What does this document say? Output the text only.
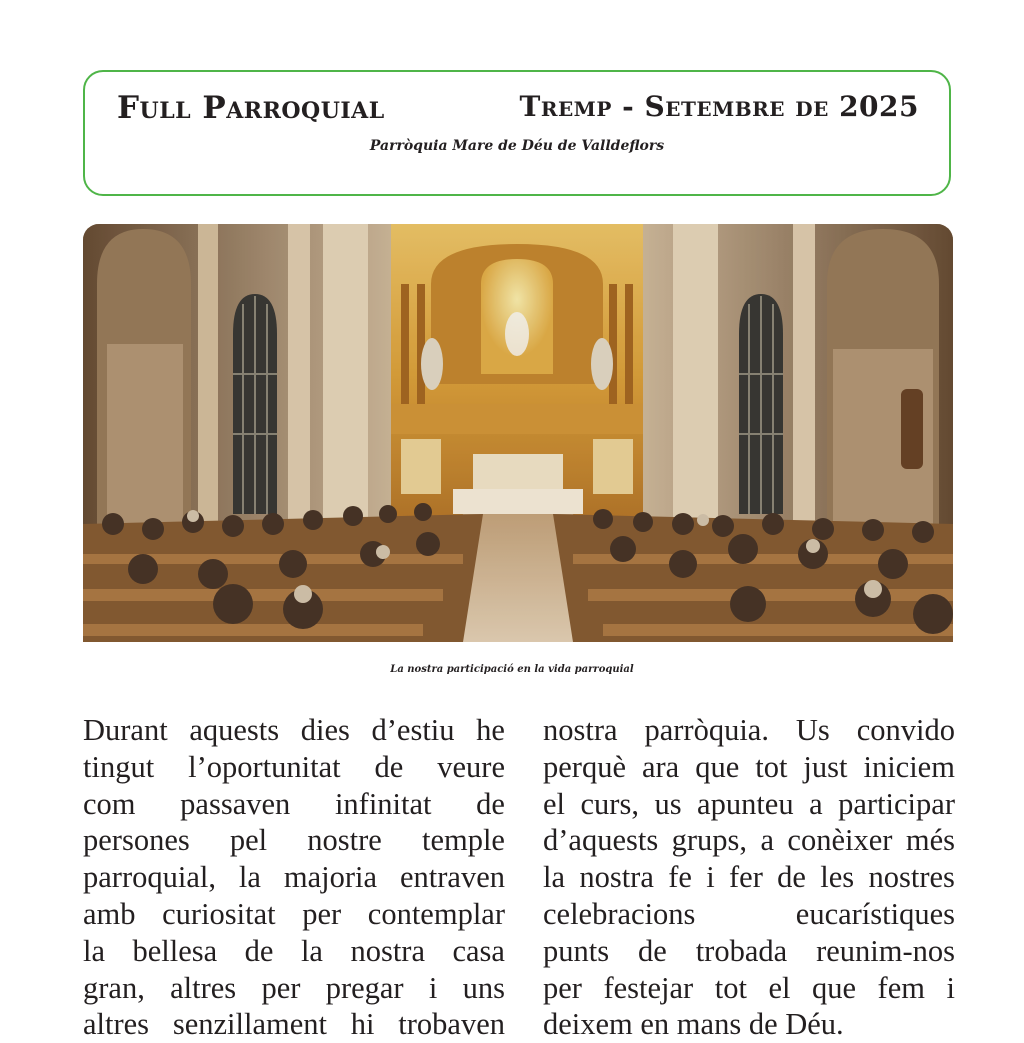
Full Parroquial	Tremp - Setembre de 2025
Parròquia Mare de Déu de Valldeflors
La nostra participació en la vida parroquial
Durant aquests dies d’estiu he
tingut l’oportunitat de veure
com passaven infinitat de
persones pel nostre temple
parroquial, la majoria entraven
amb curiositat per contemplar
la bellesa de la nostra casa
gran, altres per pregar i uns
altres senzillament hi trobaven
nostra parròquia. Us convido
perquè ara que tot just iniciem
el curs, us apunteu a participar
d’aquests grups, a conèixer més
la nostra fe i fer de les nostres
celebracions	eucarístiques
punts de trobada reunim-nos
per festejar tot el que fem i
deixem en mans de Déu.
